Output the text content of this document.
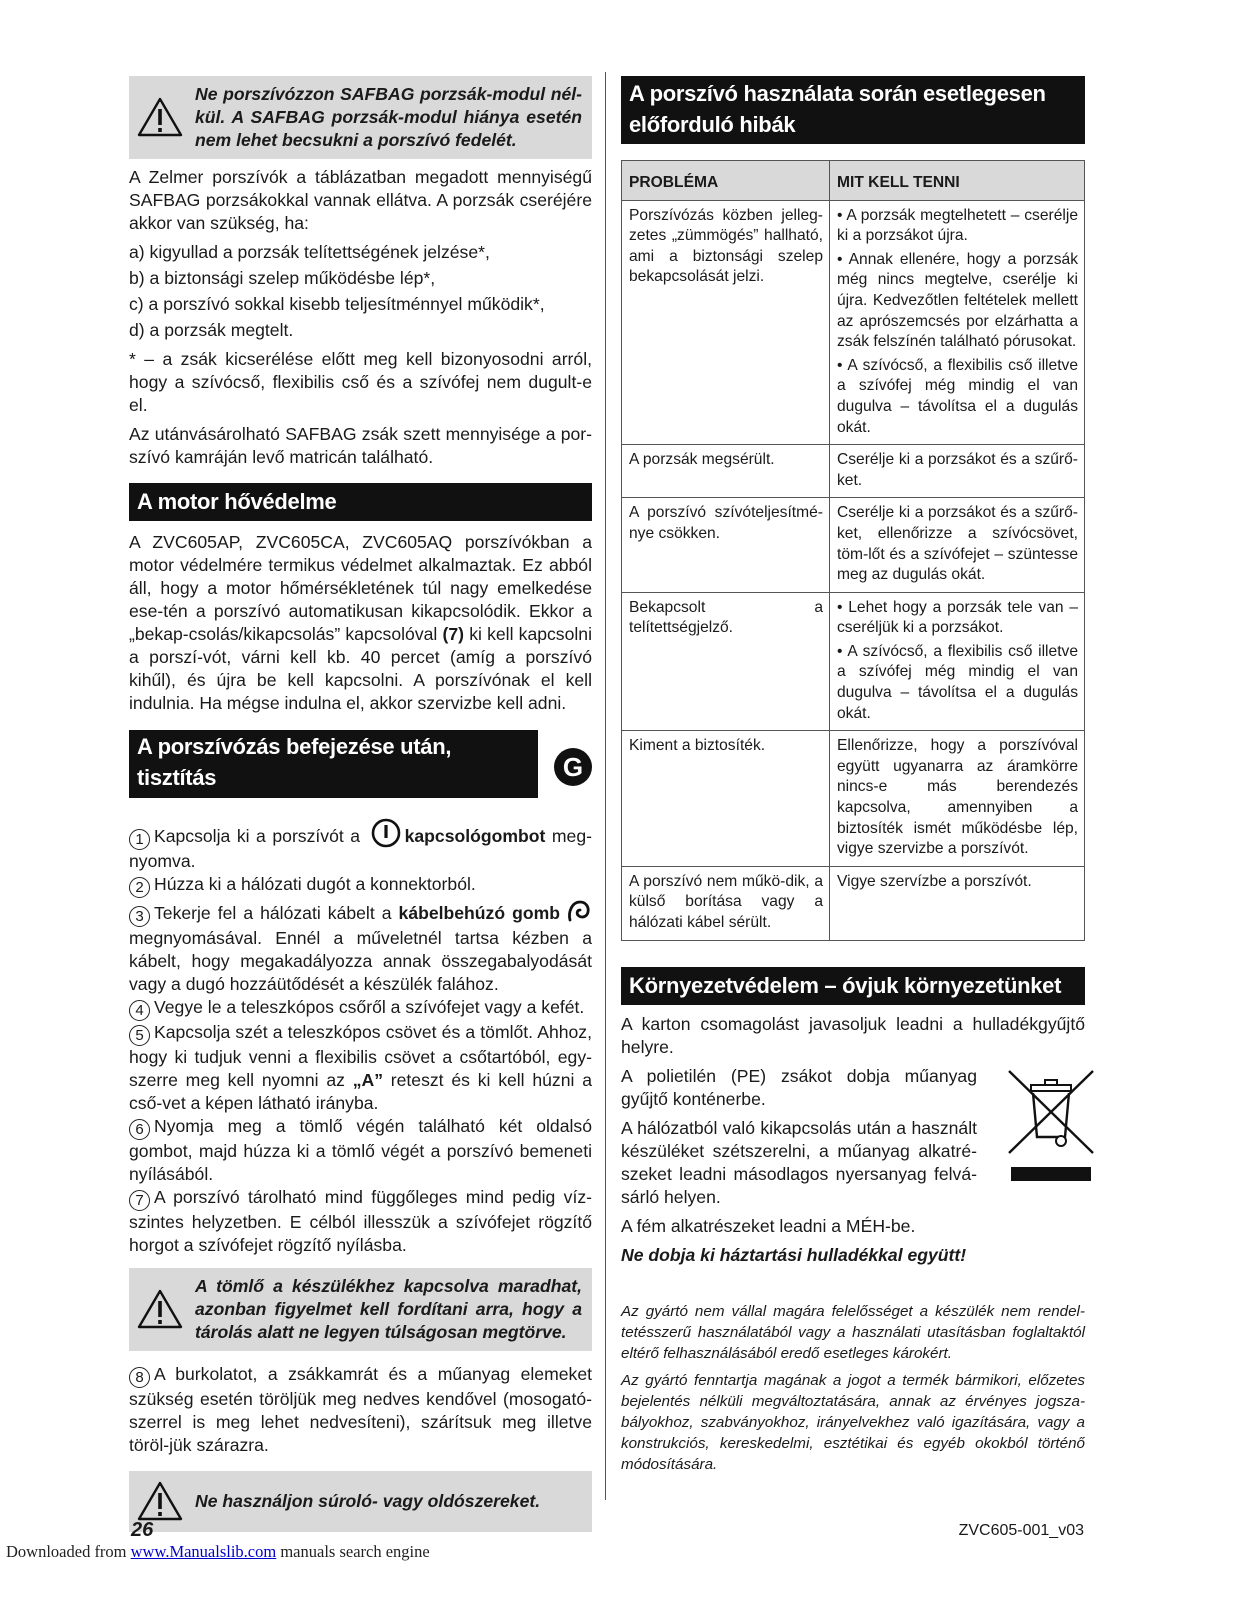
Ne porszívózzon SAFBAG porzsák-modul nél-kül. A SAFBAG porzsák-modul hiánya esetén nem lehet becsukni a porszívó fedelét.

A Zelmer porszívók a táblázatban megadott mennyiségű SAFBAG porzsákokkal vannak ellátva. A porzsák cseréjére akkor van szükség, ha:

a) kigyullad a porzsák telítettségének jelzése*,

b) a biztonsági szelep működésbe lép*,

c) a porszívó sokkal kisebb teljesítménnyel működik*,

d) a porzsák megtelt.

* – a zsák kicserélése előtt meg kell bizonyosodni arról, hogy a szívócső, flexibilis cső és a szívófej nem dugult-e el.

Az utánvásárolható SAFBAG zsák szett mennyisége a por-szívó kamráján levő matricán található.

A motor hővédelme

A ZVC605AP, ZVC605CA, ZVC605AQ porszívókban a motor védelmére termikus védelmet alkalmaztak. Ez abból áll, hogy a motor hőmérsékletének túl nagy emelkedése ese-tén a porszívó automatikusan kikapcsolódik. Ekkor a „bekap-csolás/kikapcsolás” kapcsolóval (7) ki kell kapcsolni a porszí-vót, várni kell kb. 40 percet (amíg a porszívó kihűl), és újra be kell kapcsolni. A porszívónak el kell indulnia. Ha mégse indulna el, akkor szervizbe kell adni.

A porszívózás befejezése után, tisztítás
és karbantartás
G

1 Kapcsolja ki a porszívót a kapcsológombot meg-nyomva.

2 Húzza ki a hálózati dugót a konnektorból.

3 Tekerje fel a hálózati kábelt a kábelbehúzó gomb megnyomásával. Ennél a műveletnél tartsa kézben a kábelt, hogy megakadályozza annak összegabalyodását vagy a dugó hozzáütődését a készülék falához.

4 Vegye le a teleszkópos csőről a szívófejet vagy a kefét.

5 Kapcsolja szét a teleszkópos csövet és a tömlőt. Ahhoz, hogy ki tudjuk venni a flexibilis csövet a csőtartóból, egy-szerre meg kell nyomni az „A” reteszt és ki kell húzni a cső-vet a képen látható irányba.

6 Nyomja meg a tömlő végén található két oldalsó gombot, majd húzza ki a tömlő végét a porszívó bemeneti nyílásából.

7 A porszívó tárolható mind függőleges mind pedig víz-szintes helyzetben. E célból illesszük a szívófejet rögzítő horgot a szívófejet rögzítő nyílásba.

A tömlő a készülékhez kapcsolva maradhat, azonban figyelmet kell fordítani arra, hogy a tárolás alatt ne legyen túlságosan megtörve.

8 A burkolatot, a zsákkamrát és a műanyag elemeket szükség esetén töröljük meg nedves kendővel (mosogató-szerrel is meg lehet nedvesíteni), szárítsuk meg illetve töröl-jük szárazra.

Ne használjon súroló- vagy oldószereket.
A porszívó használata során esetlegesen
előforduló hibák
PROBLÉMA	MIT KELL TENNI
Porszívózás közben jelleg-zetes „zümmögés” hallható, ami a biztonsági szelep bekapcsolását jelzi.	• A porzsák megtelhetett – cserélje ki a porzsákot újra.
• Annak ellenére, hogy a porzsák még nincs megtelve, cserélje ki újra. Kedvezőtlen feltételek mellett az aprószemcsés por elzárhatta a zsák felszínén található pórusokat.
• A szívócső, a flexibilis cső illetve a szívófej még mindig el van dugulva – távolítsa el a dugulás okát.

A porzsák megsérült.	Cserélje ki a porzsákot és a szűrő-ket.

A porszívó szívóteljesítmé-nye csökken.	Cserélje ki a porzsákot és a szűrő-ket, ellenőrizze a szívócsövet, töm-lőt és a szívófejet – szüntesse meg az dugulás okát.

Bekapcsolt a telítettségjelző.	• Lehet hogy a porzsák tele van – cseréljük ki a porzsákot.
• A szívócső, a flexibilis cső illetve a szívófej még mindig el van dugulva – távolítsa el a dugulás okát.

Kiment a biztosíték.	Ellenőrizze, hogy a porszívóval együtt ugyanarra az áramkörre nincs-e más berendezés kapcsolva, amennyiben a biztosíték ismét működésbe lép, vigye szervizbe a porszívót.

A porszívó nem műkö-dik, a külső borítása vagy a hálózati kábel sérült.	Vigye szervízbe a porszívót.
Környezetvédelem – óvjuk környezetünket

A karton csomagolást javasoljuk leadni a hulladékgyűjtő helyre.

A polietilén (PE) zsákot dobja műanyag gyűjtő konténerbe.

A hálózatból való kikapcsolás után a használt készüléket szétszerelni, a műanyag alkatré-szeket leadni másodlagos nyersanyag felvá-sárló helyen.

A fém alkatrészeket leadni a MÉH-be.

Ne dobja ki háztartási hulladékkal együtt!

Az gyártó nem vállal magára felelősséget a készülék nem rendel-tetésszerű használatából vagy a használati utasításban foglaltaktól eltérő felhasználásából eredő esetleges károkért.

Az gyártó fenntartja magának a jogot a termék bármikori, előzetes bejelentés nélküli megváltoztatására, annak az érvényes jogsza-bályokhoz, szabványokhoz, irányelvekhez való igazítására, vagy a konstrukciós, kereskedelmi, esztétikai és egyéb okokból történő módosítására.

26	ZVC605-001_v03
Downloaded from www.Manualslib.com manuals search engine
